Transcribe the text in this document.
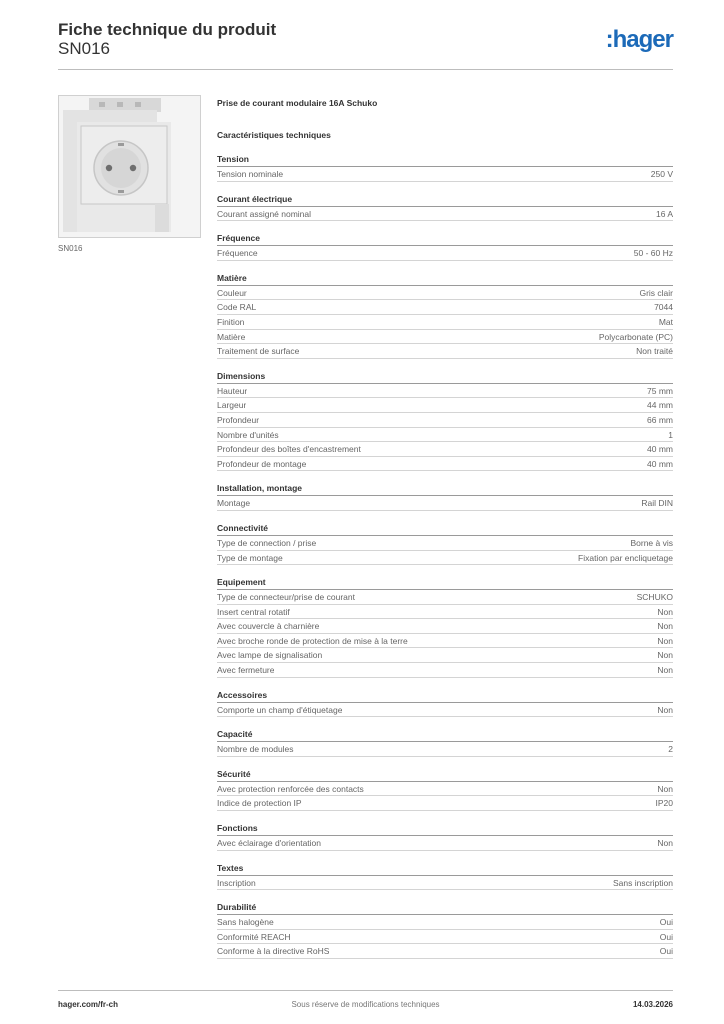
Fiche technique du produit
SN016	:hager
SN016
Prise de courant modulaire 16A Schuko
Caractéristiques techniques
Tension
Tension nominale	250 V
Courant électrique
Courant assigné nominal	16 A
Fréquence
Fréquence	50 - 60 Hz
Matière
Couleur	Gris clair
Code RAL	7044
Finition	Mat
Matière	Polycarbonate (PC)
Traitement de surface	Non traité
Dimensions
Hauteur	75 mm
Largeur	44 mm
Profondeur	66 mm
Nombre d'unités	1
Profondeur des boîtes d'encastrement	40 mm
Profondeur de montage	40 mm
Installation, montage
Montage	Rail DIN
Connectivité
Type de connection / prise	Borne à vis
Type de montage	Fixation par encliquetage
Equipement
Type de connecteur/prise de courant	SCHUKO
Insert central rotatif	Non
Avec couvercle à charnière	Non
Avec broche ronde de protection de mise à la terre	Non
Avec lampe de signalisation	Non
Avec fermeture	Non
Accessoires
Comporte un champ d'étiquetage	Non
Capacité
Nombre de modules	2
Sécurité
Avec protection renforcée des contacts	Non
Indice de protection IP	IP20
Fonctions
Avec éclairage d'orientation	Non
Textes
Inscription	Sans inscription
Durabilité
Sans halogène	Oui
Conformité REACH	Oui
Conforme à la directive RoHS	Oui
hager.com/fr-ch	Sous réserve de modifications techniques	14.03.2026
